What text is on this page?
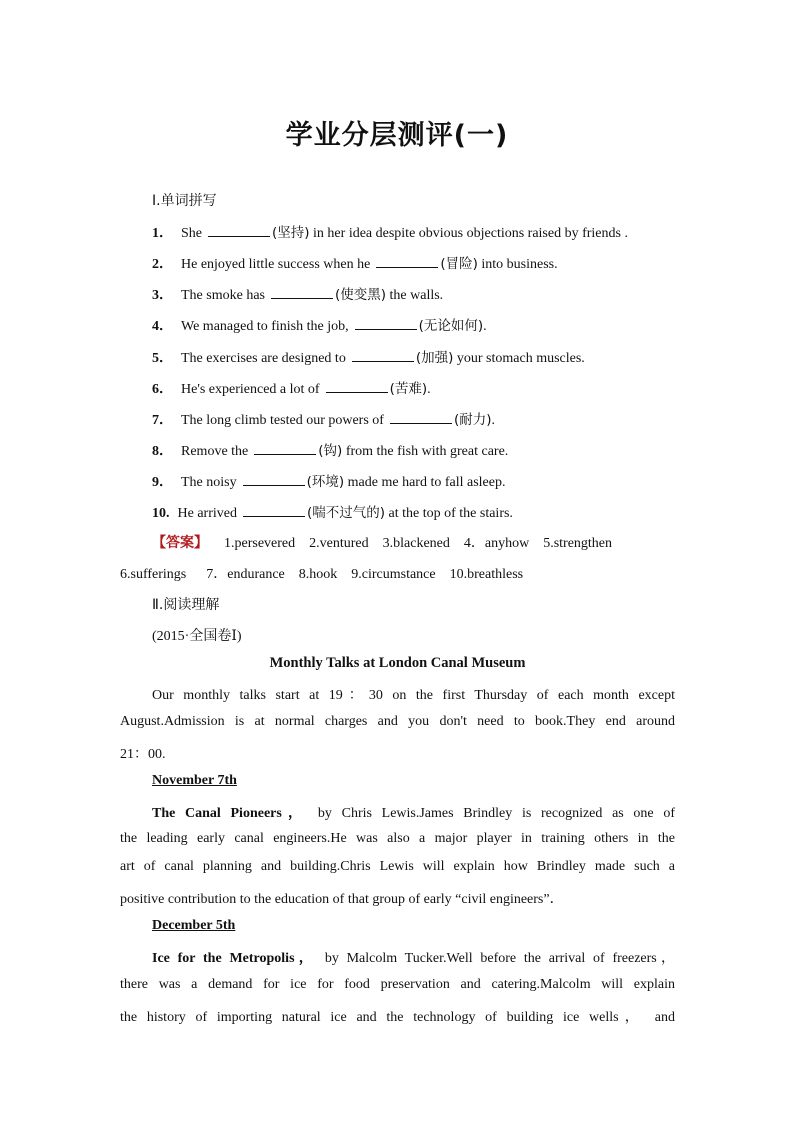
学业分层测评(一)
Ⅰ.单词拼写
1． She	(坚持) in her idea despite obvious objections raised by friends .
2． He enjoyed little success when he	(冒险) into business.
3． The smoke has	(使变黑) the walls.
4． We managed to finish the job,	(无论如何).
5． The exercises are designed to	(加强) your stomach muscles.
6． He's experienced a lot of	(苦难).
7． The long climb tested our powers of	(耐力).
8． Remove the	(钩) from the fish with great care.
9． The noisy	(环境) made me hard to fall asleep.
10. He arrived	(喘不过气的) at the top of the stairs.
【答案】 1.persevered 2.ventured 3.blackened 4．anyhow 5.strengthen
6.sufferings 7．endurance 8.hook 9.circumstance 10.breathless
Ⅱ.阅读理解
(2015·全国卷Ⅰ)
Monthly Talks at London Canal Museum
Our monthly talks start at 19：30 on the first Thursday of each month except
August.Admission is at normal charges and you don't need to book.They end around
21：00.
November 7th
The Canal Pioneers， by Chris Lewis.James Brindley is recognized as one of
the leading early canal engineers.He was also a major player in training others in the
art of canal planning and building.Chris Lewis will explain how Brindley made such a
positive contribution to the education of that group of early “civil engineers”．
December 5th
Ice for the Metropolis， by Malcolm Tucker.Well before the arrival of freezers，
there was a demand for ice for food preservation and catering.Malcolm will explain
the history of importing natural ice and the technology of building ice wells， and
